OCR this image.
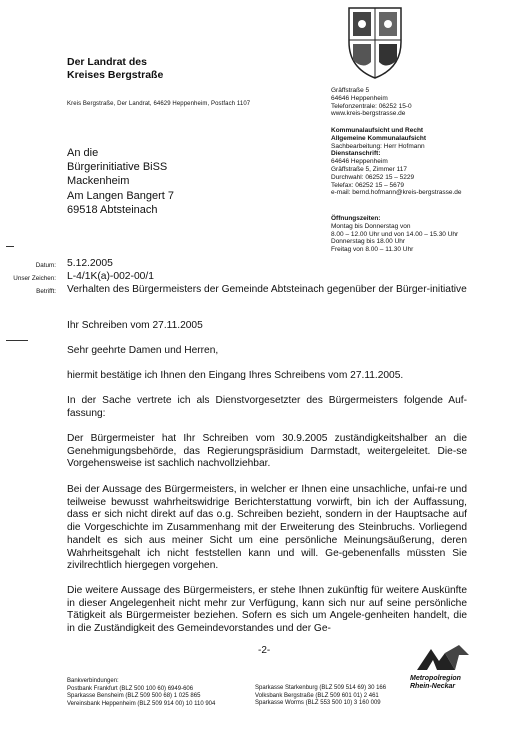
Der Landrat des
Kreises Bergstraße
Kreis Bergstraße, Der Landrat, 64629 Heppenheim, Postfach 1107
An die
Bürgerinitiative BiSS
Mackenheim
Am Langen Bangert 7
69518 Abtsteinach
Gräffstraße 5
64646 Heppenheim
Telefonzentrale: 06252 15-0
www.kreis-bergstrasse.de
Kommunalaufsicht und Recht
Allgemeine Kommunalaufsicht
Sachbearbeitung: Herr Hofmann
Dienstanschrift:
64646 Heppenheim
Gräffstraße 5, Zimmer 117
Durchwahl: 06252 15 – 5229
Telefax: 06252 15 – 5679
e-mail: bernd.hofmann@kreis-bergstrasse.de
Öffnungszeiten:
Montag bis Donnerstag von
8.00 – 12.00 Uhr und von 14.00 – 15.30 Uhr
Donnerstag bis 18.00 Uhr
Freitag von 8.00 – 11.30 Uhr
Datum: 5.12.2005
Unser Zeichen: L-4/1K(a)-002-00/1
Betrifft: Verhalten des Bürgermeisters der Gemeinde Abtsteinach gegenüber der Bürger-initiative
Ihr Schreiben vom 27.11.2005
Sehr geehrte Damen und Herren,
hiermit bestätige ich Ihnen den Eingang Ihres Schreibens vom 27.11.2005.
In der Sache vertrete ich als Dienstvorgesetzter des Bürgermeisters folgende Auf-fassung:
Der Bürgermeister hat Ihr Schreiben vom 30.9.2005 zuständigkeitshalber an die Genehmigungsbehörde, das Regierungspräsidium Darmstadt, weitergeleitet. Die-se Vorgehensweise ist sachlich nachvollziehbar.
Bei der Aussage des Bürgermeisters, in welcher er Ihnen eine unsachliche, unfai-re und teilweise bewusst wahrheitswidrige Berichterstattung vorwirft, bin ich der Auffassung, dass er sich nicht direkt auf das o.g. Schreiben bezieht, sondern in der Hauptsache auf die Vorgeschichte im Zusammenhang mit der Erweiterung des Steinbruchs. Vorliegend handelt es sich aus meiner Sicht um eine persönliche Meinungsäußerung, deren Wahrheitsgehalt ich nicht feststellen kann und will. Ge-gebenenfalls müssten Sie zivilrechtlich hiergegen vorgehen.
Die weitere Aussage des Bürgermeisters, er stehe Ihnen zukünftig für weitere Auskünfte in dieser Angelegenheit nicht mehr zur Verfügung, kann sich nur auf seine persönliche Tätigkeit als Bürgermeister beziehen. Sofern es sich um Angele-genheiten handelt, die in die Zuständigkeit des Gemeindevorstandes und der Ge-
-2-
Bankverbindungen:
Postbank Frankfurt (BLZ 500 100 60) 6949-606
Sparkasse Bensheim (BLZ 509 500 68) 1 025 865
Vereinsbank Heppenheim (BLZ 509 914 00) 10 110 904
Sparkasse Starkenburg (BLZ 509 514 69) 30 166
Volksbank Bergstraße (BLZ 509 601 01) 2 461
Sparkasse Worms (BLZ 553 500 10) 3 160 009
Metropolregion
Rhein-Neckar
